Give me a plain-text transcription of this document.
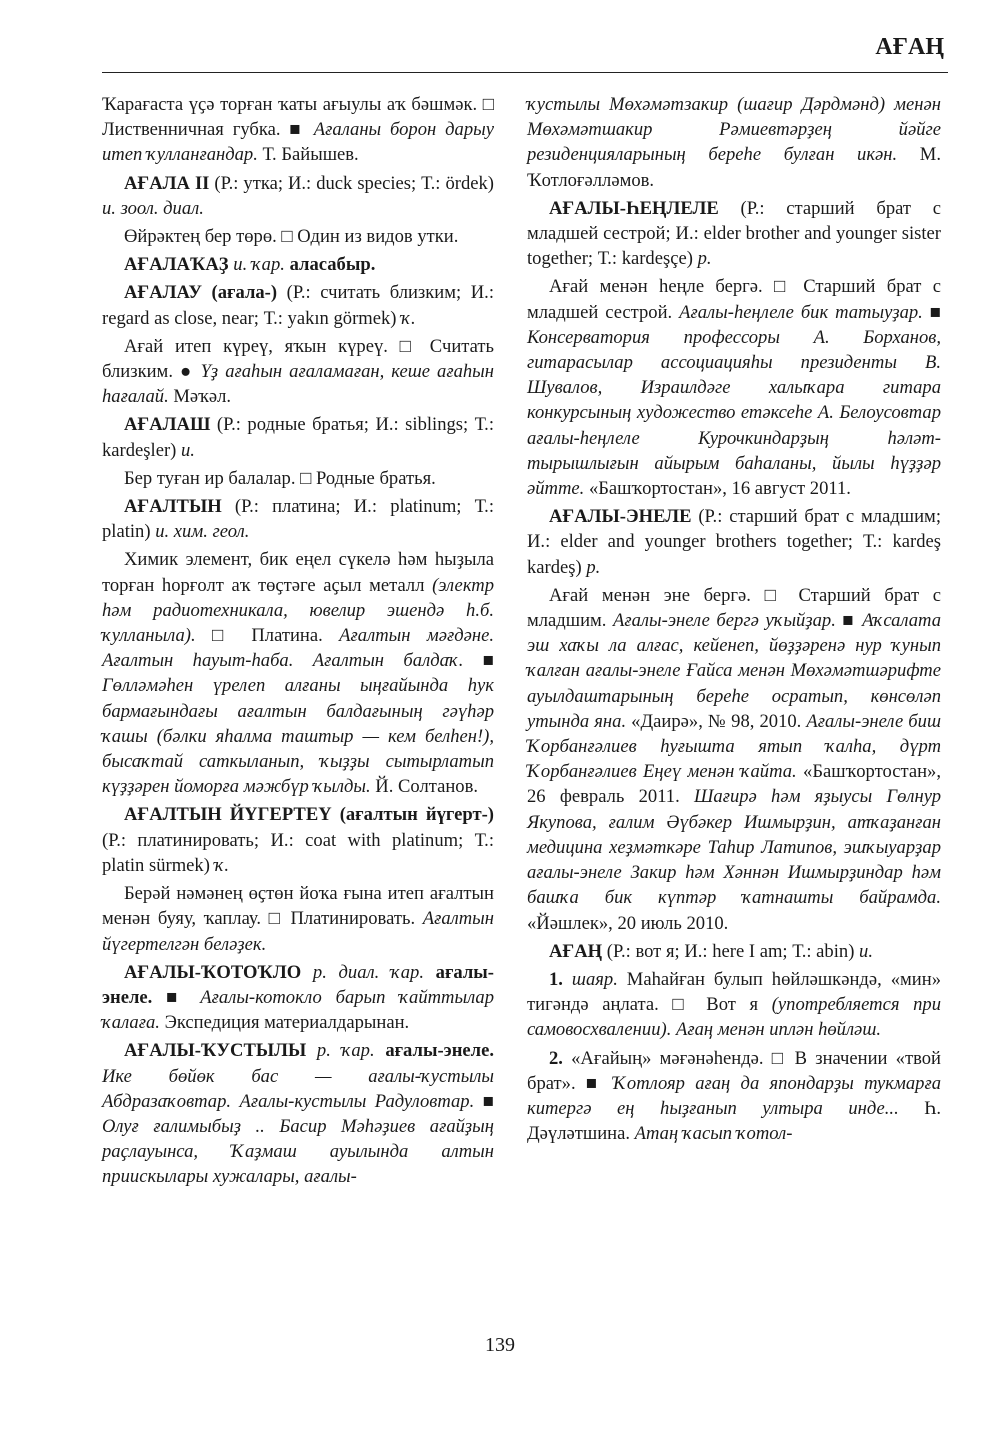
АҒАҢ

Ҡарағаста үҫә торған ҡаты ағыулы аҡ бәшмәк. □ Лиственничная губка. ■ Ағаланы борон дарыу итеп ҡулланғандар. Т. Байышев.

АҒАЛА II (Р.: утка; И.: duck species; Т.: ördek) и. зоол. диал.

Өйрәктең бер төрө. □ Один из видов утки.

АҒАЛАҠАҘ и. ҡар. аласабыр.

АҒАЛАУ (ағала-) (Р.: считать близким; И.: regard as close, near; Т.: yakın görmek) ҡ.

Ағай итеп күреү, яҡын күреү. □ Считать близким. ● Үҙ ағаһын ағаламаған, кеше ағаһын һағалай. Мәҡәл.

АҒАЛАШ (Р.: родные братья; И.: siblings; Т.: kardeşler) и.

Бер туған ир балалар. □ Родные братья.

АҒАЛТЫН (Р.: платина; И.: platinum; Т.: platin) и. хим. геол.

Химик элемент, бик еңел сүкелә һәм һыҙыла торған һорғолт аҡ төҫтәге аҫыл металл (электр һәм радиотехникала, ювелир эшендә һ.б. ҡулланыла). □ Платина. Ағалтын мәғдәне. Ағалтын һауыт-һаба. Ағалтын балдаҡ. ■ Гөлләмәһен үрелеп алғаны ыңғайында һук бармағындағы ағалтын балдағының гәүһәр ҡашы (бәлки яһалма таштыр — кем белһен!), бысаҡтай саткыланып, ҡыҙҙы сытырлатып күҙҙәрен йоморға мәжбүр ҡылды. Й. Солтанов.

АҒАЛТЫН ЙҮГЕРТЕҮ (ағалтын йүгерт-) (Р.: платинировать; И.: coat with platinum; Т.: platin sürmek) ҡ.

Берәй нәмәнең өҫтөн йоҡа ғына итеп ағалтын менән буяу, ҡаплау. □ Платинировать. Ағалтын йүгертелгән беләҙек.

АҒАЛЫ-ҠОТОҠЛО р. диал. ҡар. ағалы-энеле. ■ Ағалы-котокло барып ҡайттылар ҡалаға. Экспедиция материалдарынан.

АҒАЛЫ-ҠУСТЫЛЫ р. ҡар. ағалы-энеле. Ике бөйөк бас — ағалы-ҡустылы Абдразаҡовтар. Ағалы-кустылы Радуловтар. ■ Олуғ ғалимыбыҙ .. Басир Мәһәҙиев ағайҙың раҫлауынса, Ҡаҙмаш ауылында алтын приискылары хужалары, ағалы-

ҡустылы Мөхәмәтзакир (шағир Дәрдмәнд) менән Мөхәмәтшакир Рәмиевтәрҙең йәйге резиденцияларының береһе булған икән. М. Ҡотлоғәлләмов.

АҒАЛЫ-ҺЕҢЛЕЛЕ (Р.: старший брат с младшей сестрой; И.: elder brother and younger sister together; Т.: kardeşçe) р.

Ағай менән һеңле бергә. □ Старший брат с младшей сестрой. Ағалы-һеңлеле бик татыуҙар. ■ Консерватория профессоры А. Борханов, гитарасылар ассоциацияһы президенты В. Шувалов, Израилдәге халыҡара гитара конкурсының художество етәксеһе А. Белоусовтар ағалы-һеңлеле Курочкиндарҙың һәләт-тырышлығын айырым баһаланы, йылы һүҙҙәр әйтте. «Башҡортостан», 16 август 2011.

АҒАЛЫ-ЭНЕЛЕ (Р.: старший брат с младшим; И.: elder and younger brothers together; Т.: kardeş kardeş) р.

Ағай менән эне бергә. □ Старший брат с младшим. Ағалы-энеле бергә уҡыйҙар. ■ Аҡсалата эш хаҡы ла алғас, кейенеп, йөҙҙәренә нур ҡунып ҡалған ағалы-энеле Ғайса менән Мөхәмәтшәрифте ауылдаштарының береһе осратып, көнсөләп утында яна. «Даирә», № 98, 2010. Ағалы-энеле биш Ҡорбанғәлиев һуғышта ятып ҡалһа, дүрт Ҡорбанғәлиев Еңеү менән ҡайта. «Башҡортостан», 26 февраль 2011. Шағирә һәм яҙыусы Гөлнур Якупова, ғалим Әүбәкер Ишмырҙин, атҡаҙанған медицина хеҙмәткәре Таһир Латипов, эшҡыуарҙар ағалы-энеле Закир һәм Хәннән Ишмырҙиндар һәм башҡа бик күптәр ҡатнашты байрамда. «Йәшлек», 20 июль 2010.

АҒАҢ (Р.: вот я; И.: here I am; Т.: abin) и.

1. шаяр. Маһайған булып һөйләшкәндә, «мин» тигәндә аңлата. □ Вот я (употребляется при самовосхвалении). Ағаң менән иплән һөйләш.

2. «Ағайың» мәғәнәһендә. □ В значении «твой брат». ■ Ҡотлояр ағаң да япондарҙы тукмарға китергә ең һыҙғанып ултыра инде... Һ. Дәүләтшина. Атаң ҡасып ҡотол-

139
